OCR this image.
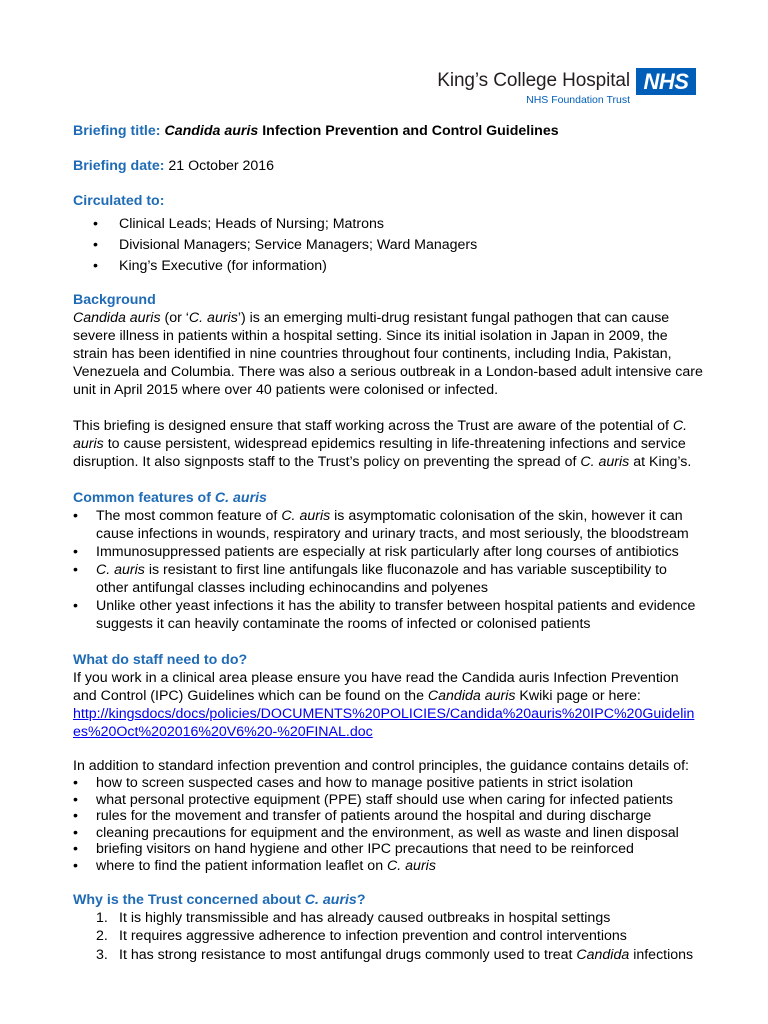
King’s College Hospital
NHS Foundation Trust
NHS

Briefing title: Candida auris Infection Prevention and Control Guidelines

Briefing date: 21 October 2016

Circulated to:

• Clinical Leads; Heads of Nursing; Matrons
• Divisional Managers; Service Managers; Ward Managers
• King’s Executive (for information)

Background

Candida auris (or ‘C. auris’) is an emerging multi-drug resistant fungal pathogen that can cause severe illness in patients within a hospital setting. Since its initial isolation in Japan in 2009, the strain has been identified in nine countries throughout four continents, including India, Pakistan, Venezuela and Columbia. There was also a serious outbreak in a London-based adult intensive care unit in April 2015 where over 40 patients were colonised or infected.

This briefing is designed ensure that staff working across the Trust are aware of the potential of C. auris to cause persistent, widespread epidemics resulting in life-threatening infections and service disruption. It also signposts staff to the Trust’s policy on preventing the spread of C. auris at King’s.

Common features of C. auris

• The most common feature of C. auris is asymptomatic colonisation of the skin, however it can cause infections in wounds, respiratory and urinary tracts, and most seriously, the bloodstream
• Immunosuppressed patients are especially at risk particularly after long courses of antibiotics
• C. auris is resistant to first line antifungals like fluconazole and has variable susceptibility to other antifungal classes including echinocandins and polyenes
• Unlike other yeast infections it has the ability to transfer between hospital patients and evidence suggests it can heavily contaminate the rooms of infected or colonised patients

What do staff need to do?

If you work in a clinical area please ensure you have read the Candida auris Infection Prevention and Control (IPC) Guidelines which can be found on the Candida auris Kwiki page or here:

http://kingsdocs/docs/policies/DOCUMENTS%20POLICIES/Candida%20auris%20IPC%20Guidelin
es%20Oct%202016%20V6%20-%20FINAL.doc

In addition to standard infection prevention and control principles, the guidance contains details of:

• how to screen suspected cases and how to manage positive patients in strict isolation
• what personal protective equipment (PPE) staff should use when caring for infected patients
• rules for the movement and transfer of patients around the hospital and during discharge
• cleaning precautions for equipment and the environment, as well as waste and linen disposal
• briefing visitors on hand hygiene and other IPC precautions that need to be reinforced
• where to find the patient information leaflet on C. auris

Why is the Trust concerned about C. auris?

1. It is highly transmissible and has already caused outbreaks in hospital settings
2. It requires aggressive adherence to infection prevention and control interventions
3. It has strong resistance to most antifungal drugs commonly used to treat Candida infections
